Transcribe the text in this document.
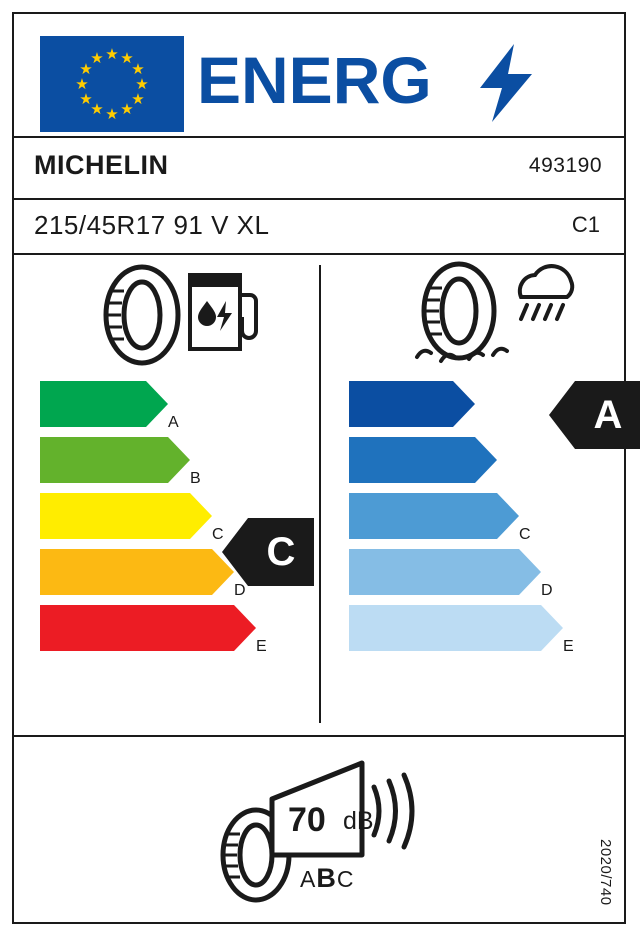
★ ★
★
★
★
★
★
★
★
★
★
★ ENERG
MICHELIN	493190
215/45R17 91 V XL	C1
A
B
C
D
E
C
A
B
C
D
E
A
70 dB
ABC	2020/740
